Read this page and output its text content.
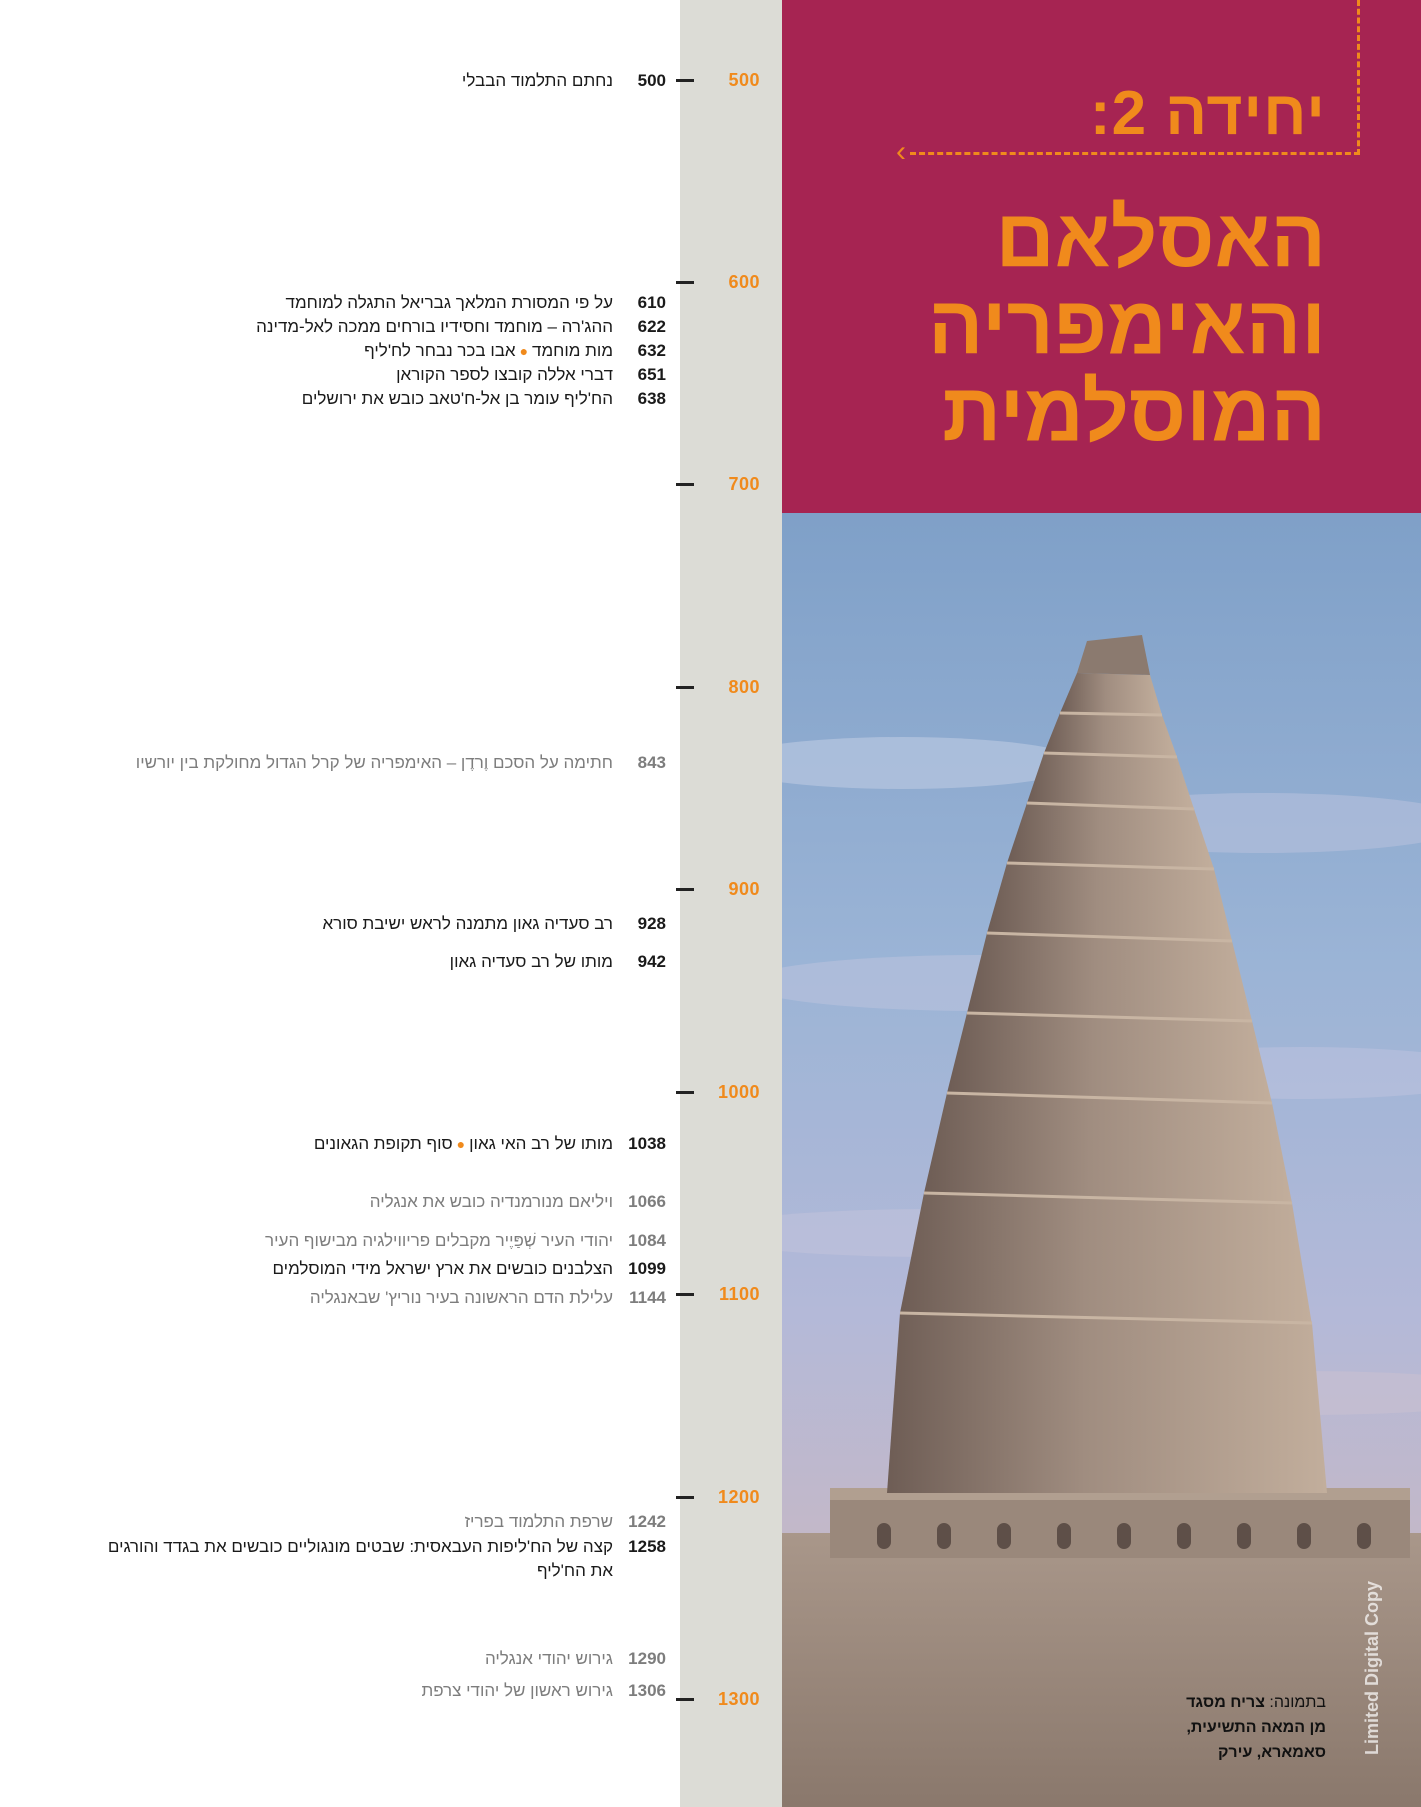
500
600
700
800
900
1000
1100
1200
1300
500נחתם התלמוד הבבלי
610על פי המסורת המלאך גבריאל התגלה למוחמד
622ההג'רה – מוחמד וחסידיו בורחים ממכה לאל-מדינה
632מות מוחמד●אבו בכר נבחר לח'ליף
651דברי אללה קובצו לספר הקוראן
638הח'ליף עומר בן אל-ח'טאב כובש את ירושלים
843חתימה על הסכם וֶרדֶן – האימפריה של קרל הגדול מחולקת בין יורשיו
928רב סעדיה גאון מתמנה לראש ישיבת סורא
942מותו של רב סעדיה גאון
1038מותו של רב האי גאון●סוף תקופת הגאונים
1066ויליאם מנורמנדיה כובש את אנגליה
1084יהודי העיר שְׁפַּיֶיר מקבלים פריווילגיה מבישוף העיר
1099הצלבנים כובשים את ארץ ישראל מידי המוסלמים
1144עלילת הדם הראשונה בעיר נוריץ' שבאנגליה
1242שרפת התלמוד בפריז
1258קצה של הח'ליפות העבאסית: שבטים מונגוליים כובשים את בגדד והורגים את הח'ליף
1290גירוש יהודי אנגליה
1306גירוש ראשון של יהודי צרפת
‹
יחידה 2:
האסלאם
והאימפריה
המוסלמית
בתמונה: צריח מסגד
מן המאה התשיעית,
סאמארא, עירק Limited Digital Copy
